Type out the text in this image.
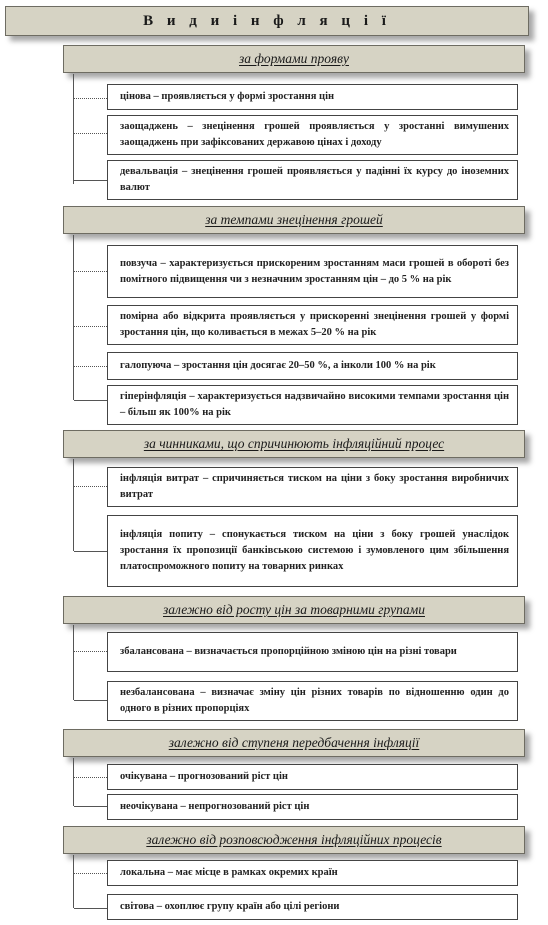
В и д и і н ф л я ц і ї
за формами прояву
цінова – проявляється у формі зростання цін
заощаджень – знецінення грошей проявляється у зростанні вимушених заощаджень при зафіксованих державою цінах і доходу
девальвація – знецінення грошей проявляється у падінні їх курсу до іноземних валют
за темпами знецінення грошей
повзуча – характеризується прискореним зростанням маси грошей в обороті без помітного підвищення чи з незначним зростанням цін – до 5 % на рік
помірна або відкрита проявляється у прискоренні знецінення грошей у формі зростання цін, що коливається в межах 5–20 % на рік
галопуюча – зростання цін досягає 20–50 %, а інколи 100 % на рік
гіперінфляція – характеризується надзвичайно високими темпами зростання цін – більш як 100% на рік
за чинниками, що спричинюють інфляційний процес
інфляція витрат – спричиняється тиском на ціни з боку зростання виробничих витрат
інфляція попиту – спонукається тиском на ціни з боку грошей унаслідок зростання їх пропозиції банківською системою і зумовленого цим збільшення платоспроможного попиту на товарних ринках
залежно від росту цін за товарними групами
збалансована – визначається пропорційною зміною цін на різні товари
незбалансована – визначає зміну цін різних товарів по відношенню один до одного в різних пропорціях
залежно від ступеня передбачення інфляції
очікувана – прогнозований ріст цін
неочікувана – непрогнозований ріст цін
залежно від розповсюдження інфляційних процесів
локальна – має місце в рамках окремих країн
світова – охоплює групу країн або цілі регіони
